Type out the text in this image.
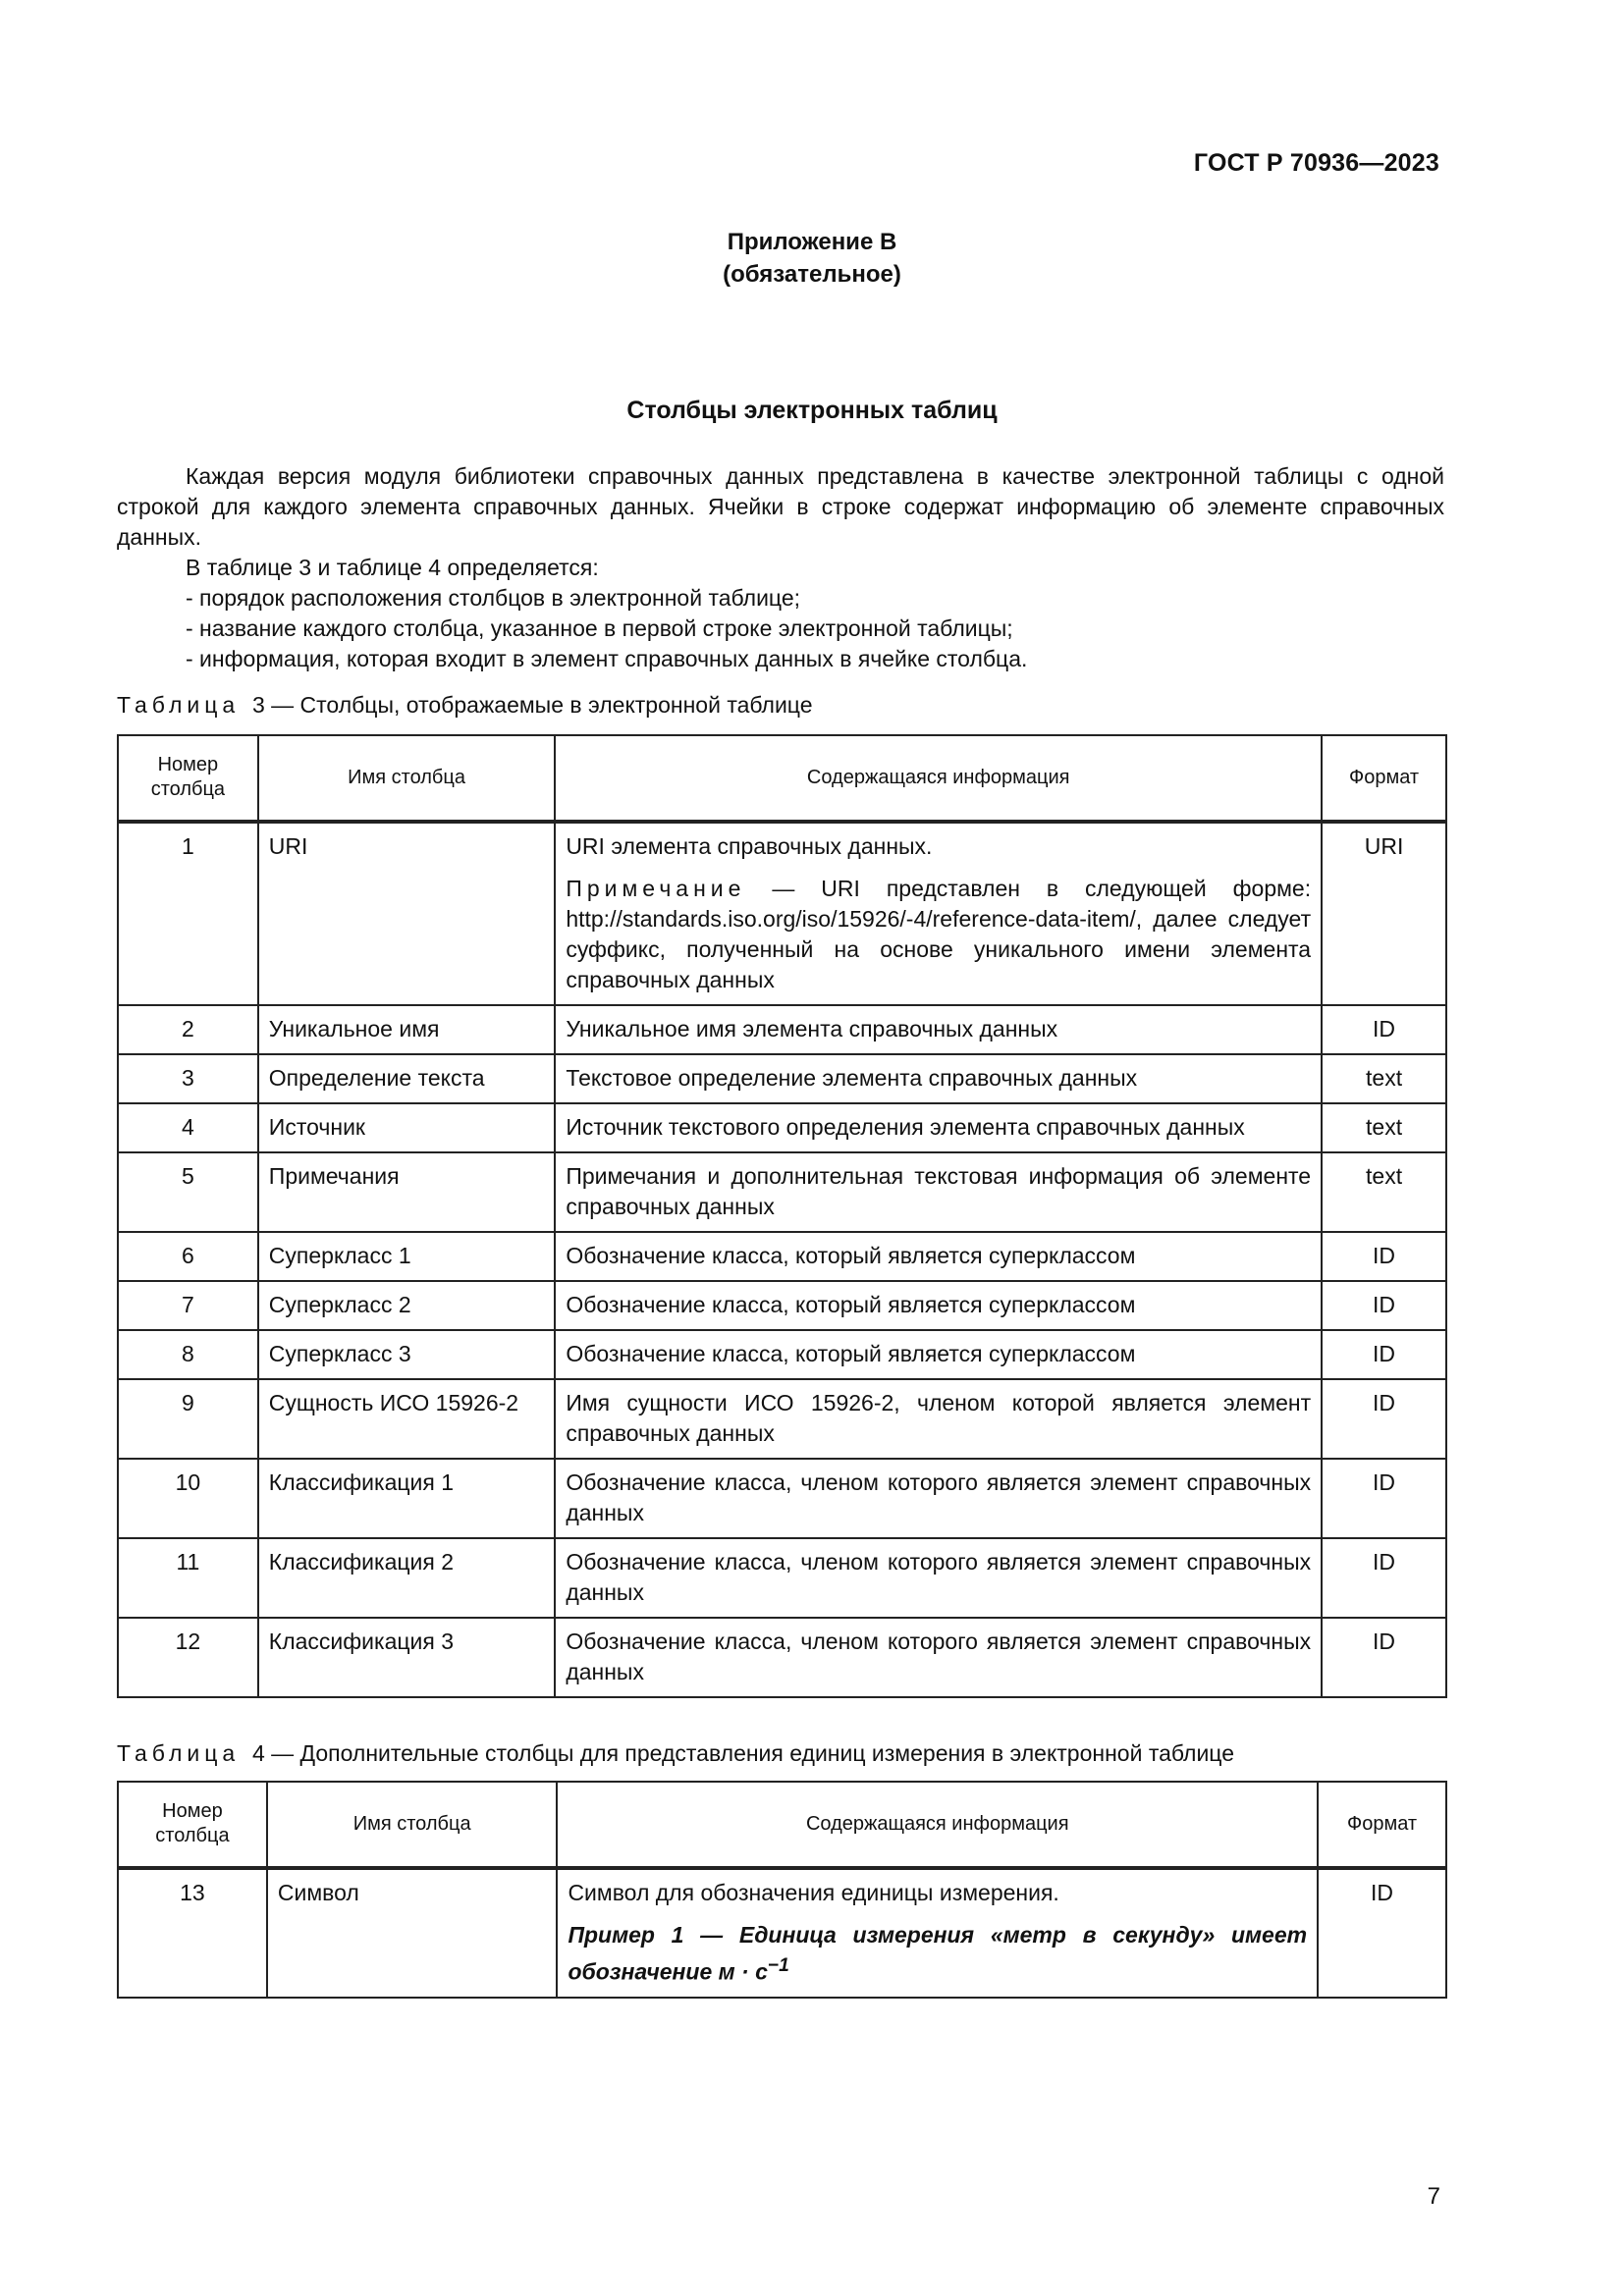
ГОСТ Р 70936—2023
Приложение В
(обязательное)
Столбцы электронных таблиц

Каждая версия модуля библиотеки справочных данных представлена в качестве электронной таблицы с одной строкой для каждого элемента справочных данных. Ячейки в строке содержат информацию об элементе справочных данных.

В таблице 3 и таблице 4 определяется:

- порядок расположения столбцов в электронной таблице;

- название каждого столбца, указанное в первой строке электронной таблицы;

- информация, которая входит в элемент справочных данных в ячейке столбца.

Таблица 3 — Столбцы, отображаемые в электронной таблице
Номер столбца	Имя столбца	Содержащаяся информация	Формат
1	URI	URI элемента справочных данных.
Примечание — URI представлен в следующей форме: http://standards.iso.org/iso/15926/-4/reference-data-item/, далее следует суффикс, полученный на основе уникального имени элемента справочных данных	URI
2	Уникальное имя	Уникальное имя элемента справочных данных	ID
3	Определение текста	Текстовое определение элемента справочных данных	text
4	Источник	Источник текстового определения элемента справочных данных	text
5	Примечания	Примечания и дополнительная текстовая информация об элементе справочных данных	text
6	Суперкласс 1	Обозначение класса, который является суперклассом	ID
7	Суперкласс 2	Обозначение класса, который является суперклассом	ID
8	Суперкласс 3	Обозначение класса, который является суперклассом	ID
9	Сущность ИСО 15926-2	Имя сущности ИСО 15926-2, членом которой является элемент справочных данных	ID
10	Классификация 1	Обозначение класса, членом которого является элемент справочных данных	ID
11	Классификация 2	Обозначение класса, членом которого является элемент справочных данных	ID
12	Классификация 3	Обозначение класса, членом которого является элемент справочных данных	ID
Таблица 4 — Дополнительные столбцы для представления единиц измерения в электронной таблице
Номер столбца	Имя столбца	Содержащаяся информация	Формат
13	Символ	Символ для обозначения единицы измерения.
Пример 1 — Единица измерения «метр в секунду» имеет обозначение $м \cdot с^{-1}$	ID
7
